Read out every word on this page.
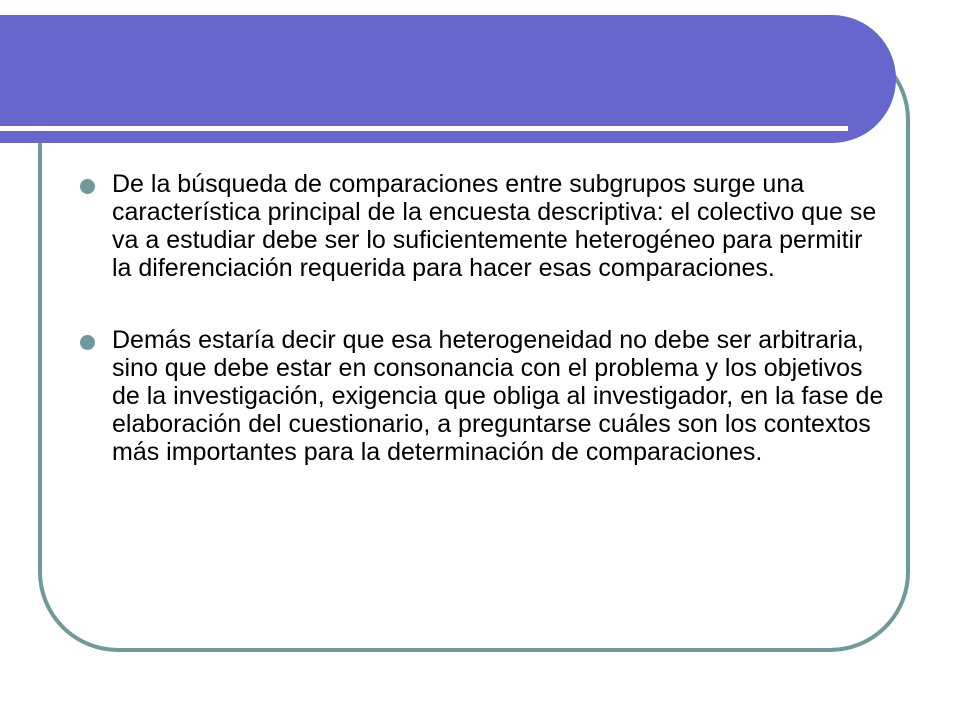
De la búsqueda de comparaciones entre subgrupos surge una característica principal de la encuesta descriptiva: el colectivo que se va a estudiar debe ser lo suficientemente heterogéneo para permitir la diferenciación requerida para hacer esas comparaciones.
Demás estaría decir que esa heterogeneidad no debe ser arbitraria, sino que debe estar en consonancia con el problema y los objetivos de la investigación, exigencia que obliga al investigador, en la fase de elaboración del cuestionario, a preguntarse cuáles son los contextos más importantes para la determinación de comparaciones.
